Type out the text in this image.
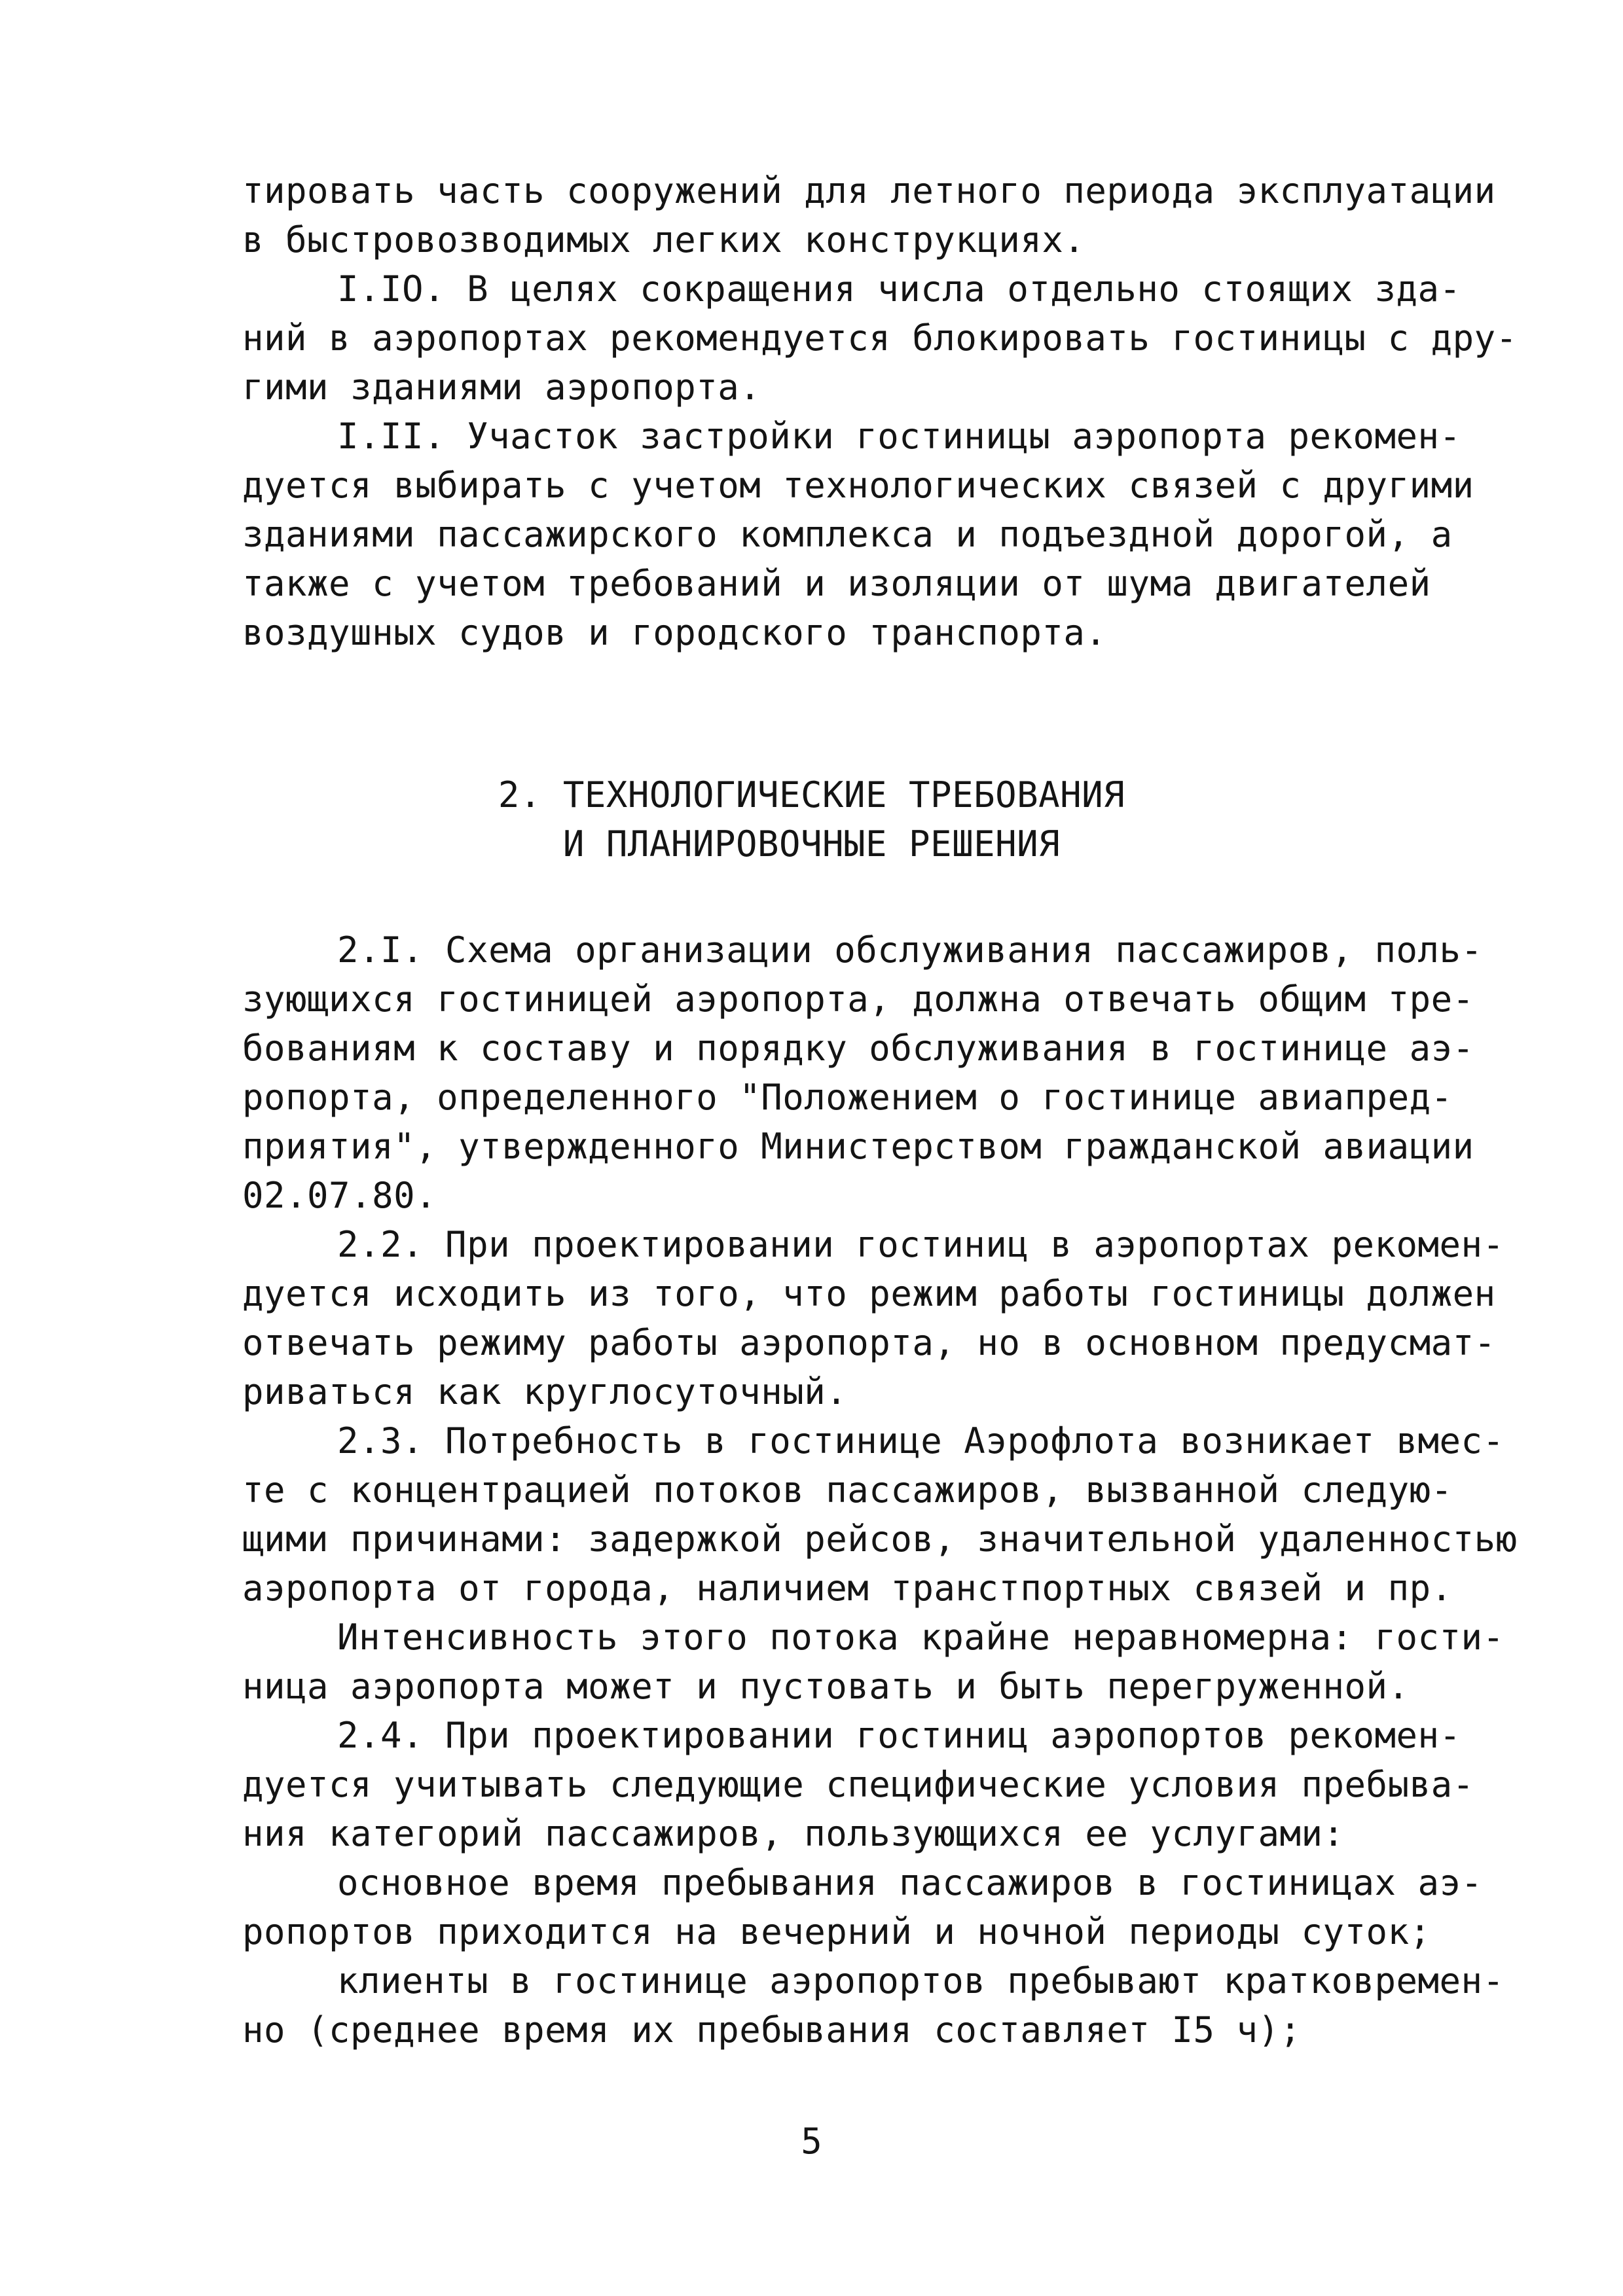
тировать часть сооружений для летного периода эксплуатации
в быстровозводимых легких конструкциях.
I.IO. В целях сокращения числа отдельно стоящих зда-
ний в аэропортах рекомендуется блокировать гостиницы с дру-
гими зданиями аэропорта.
I.II. Участок застройки гостиницы аэропорта рекомен-
дуется выбирать с учетом технологических связей с другими
зданиями пассажирского комплекса и подъездной дорогой, а
также с учетом требований и изоляции от шума двигателей
воздушных судов и городского транспорта.
2. ТЕХНОЛОГИЧЕСКИЕ ТРЕБОВАНИЯ
И ПЛАНИРОВОЧНЫЕ РЕШЕНИЯ
2.I. Схема организации обслуживания пассажиров, поль-
зующихся гостиницей аэропорта, должна отвечать общим тре-
бованиям к составу и порядку обслуживания в гостинице аэ-
ропорта, определенного "Положением о гостинице авиапред-
приятия", утвержденного Министерством гражданской авиации
02.07.80.
2.2. При проектировании гостиниц в аэропортах рекомен-
дуется исходить из того, что режим работы гостиницы должен
отвечать режиму работы аэропорта, но в основном предусмат-
риваться как круглосуточный.
2.3. Потребность в гостинице Аэрофлота возникает вмес-
те с концентрацией потоков пассажиров, вызванной следую-
щими причинами: задержкой рейсов, значительной удаленностью
аэропорта от города, наличием транстпортных связей и пр.
Интенсивность этого потока крайне неравномерна: гости-
ница аэропорта может и пустовать и быть перегруженной.
2.4. При проектировании гостиниц аэропортов рекомен-
дуется учитывать следующие специфические условия пребыва-
ния категорий пассажиров, пользующихся ее услугами:
основное время пребывания пассажиров в гостиницах аэ-
ропортов приходится на вечерний и ночной периоды суток;
клиенты в гостинице аэропортов пребывают кратковремен-
но (среднее время их пребывания составляет I5 ч);
5
